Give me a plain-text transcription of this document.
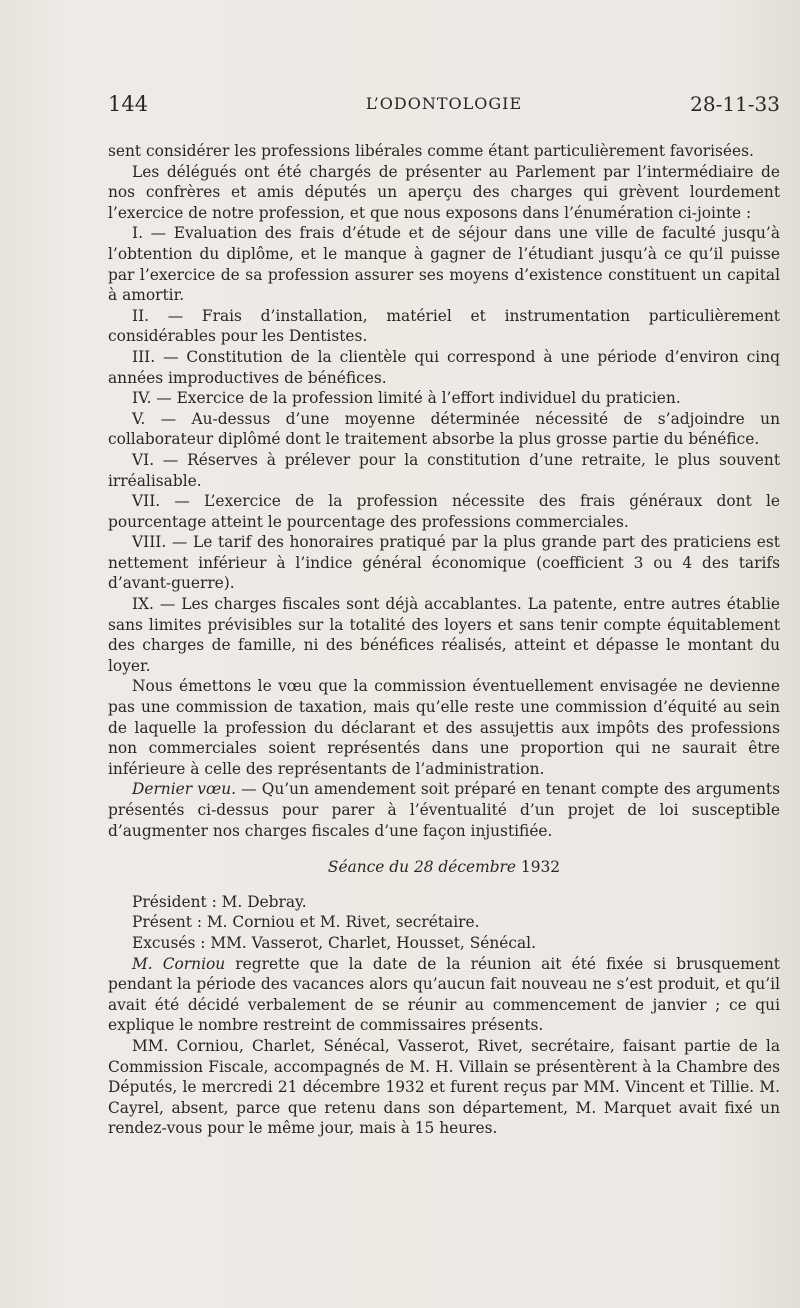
144	L’ODONTOLOGIE	28-11-33

sent considérer les professions libérales comme étant particulièrement favorisées.

Les délégués ont été chargés de présenter au Parlement par l’intermédiaire de nos confrères et amis députés un aperçu des charges qui grèvent lourdement l’exercice de notre profession, et que nous exposons dans l’énumération ci-jointe :

I. — Evaluation des frais d’étude et de séjour dans une ville de faculté jusqu’à l’obtention du diplôme, et le manque à gagner de l’étudiant jusqu’à ce qu’il puisse par l’exercice de sa profession assurer ses moyens d’existence constituent un capital à amortir.

II. — Frais d’installation, matériel et instrumentation particulièrement considérables pour les Dentistes.

III. — Constitution de la clientèle qui correspond à une période d’environ cinq années improductives de bénéfices.

IV. — Exercice de la profession limité à l’effort individuel du praticien.

V. — Au-dessus d’une moyenne déterminée nécessité de s’adjoindre un collaborateur diplômé dont le traitement absorbe la plus grosse partie du bénéfice.

VI. — Réserves à prélever pour la constitution d’une retraite, le plus souvent irréalisable.

VII. — L’exercice de la profession nécessite des frais généraux dont le pourcentage atteint le pourcentage des professions commerciales.

VIII. — Le tarif des honoraires pratiqué par la plus grande part des praticiens est nettement inférieur à l’indice général économique (coefficient 3 ou 4 des tarifs d’avant-guerre).

IX. — Les charges fiscales sont déjà accablantes. La patente, entre autres établie sans limites prévisibles sur la totalité des loyers et sans tenir compte équitablement des charges de famille, ni des bénéfices réalisés, atteint et dépasse le montant du loyer.

Nous émettons le vœu que la commission éventuellement envisagée ne devienne pas une commission de taxation, mais qu’elle reste une commission d’équité au sein de laquelle la profession du déclarant et des assujettis aux impôts des professions non commerciales soient représentés dans une proportion qui ne saurait être inférieure à celle des représentants de l’administration.

Dernier vœu. — Qu’un amendement soit préparé en tenant compte des arguments présentés ci-dessus pour parer à l’éventualité d’un projet de loi susceptible d’augmenter nos charges fiscales d’une façon injustifiée.

Séance du 28 décembre 1932

Président : M. Debray.

Présent : M. Corniou et M. Rivet, secrétaire.

Excusés : MM. Vasserot, Charlet, Housset, Sénécal.

M. Corniou regrette que la date de la réunion ait été fixée si brusquement pendant la période des vacances alors qu’aucun fait nouveau ne s’est produit, et qu’il avait été décidé verbalement de se réunir au commencement de janvier ; ce qui explique le nombre restreint de commissaires présents.

MM. Corniou, Charlet, Sénécal, Vasserot, Rivet, secrétaire, faisant partie de la Commission Fiscale, accompagnés de M. H. Villain se présentèrent à la Chambre des Députés, le mercredi 21 décembre 1932 et furent reçus par MM. Vincent et Tillie. M. Cayrel, absent, parce que retenu dans son département, M. Marquet avait fixé un rendez-vous pour le même jour, mais à 15 heures.
